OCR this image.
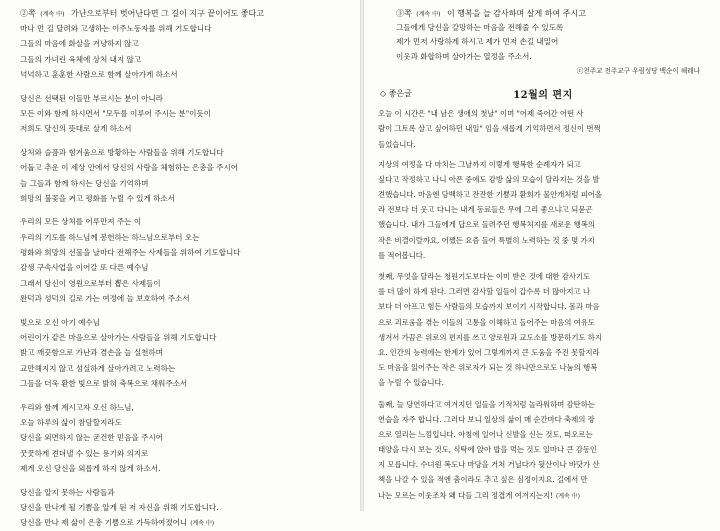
②쪽 (계속 中) 가난으로부터 벗어난다면 그 길이 지구 끝이어도 좋다고
마나 먼 길 달려와 고생하는 이주노동자를 위해 기도합니다
그들의 마음에 화살을 겨냥하지 않고
그들의 가녀린 육체에 상처 내지 않고
넉넉하고 훈훈한 사람으로 함께 살아가게 하소서
당신은 선택된 이들만 부르시는 분이 아니라
모든 이와 함께 하시면서 "모두를 이루어 주시는 분"이듯이
저희도 당신의 뜻대로 살게 하소서
상처와 슬픔과 힘겨움으로 방황하는 사람들을 위해 기도합니다
어둡고 추운 이 세상 안에서 당신의 사랑을 체험하는 은총을 주시어
늘 그들과 함께 하시는 당신을 기억하며
희망의 불꽃을 켜고 평화를 누릴 수 있게 하소서
우리의 모든 상처를 어루만져 주는 이
우리의 기도를 하느님께 봉헌하는 하느님으로부터 오는
평화와 희망의 선물을 날마다 전해주는 사제들을 위하여 기도합니다
감생 구속사업을 이어갈 또 다른 예수님
그래서 당신이 영원으로부터 뽑은 사제들이
완덕과 성덕의 길로 가는 여정에 늘 보호하여 주소서
빛으로 오신 아기 예수님
어린이가 같은 마음으로 살아가는 사람들을 위해 기도합니다
밝고 깨끗함으로 가난과 겸손을 늘 실천하며
교만해지지 않고 섬실하게 살아가려고 노력하는
그들을 더욱 환한 빛으로 밝혀 축복으로 채워주소서
우리와 함께 계시고자 오신 하느님,
오늘 하루의 삶이 참담할지라도
당신을 외면하지 않는 굳건한 믿음을 주시어
꿋꿋하게 견뎌낼 수 있는 용기와 의지로
제게 오신 당신을 외롭게 하지 않게 하소서.
당신을 알지 못하는 사람들과
당신을 만나게 될 기쁨을 알게 된 저 자신을 위해 기도합니다.
당신을 만나 제 삶이 은총 기쁨으로 가득하여졌어니 (계속 中)
③쪽 (계속 中) 이 행복을 늘 감사하며 살게 하여 주시고
그들에게 당신을 갈망하는 마음을 전해줄 수 있도록
제가 먼저 사랑하게 하시고 제가 먼저 손길 내밀어
이웃과 화합하며 살아가는 열정을 주소서.
ⓒ천주교 전주교구 우림성당 백순이 헤레나
◇ 좋은글	12월의 편지
오늘 이 시간은 "내 남은 생애의 첫날" 이며 "어제 죽어간 어떤 사
람이 그토록 살고 싶어하던 내일" 임을 새롭게 기억하면서 정신이 번쩍
들었습니다.
지상의 여정을 다 마치는 그날까지 이렇게 행복한 순례자가 되고
싶다고 작정하고 나니 아픈 중에도 감방 삶의 모습이 달라지는 것을 발
견했습니다. 마음엔 담백하고 잔잔한 기쁨과 환희가 물안개처럼 피어올
라 전보다 더 웃고 다니는 내게 동료들은 무에 그리 좋으냐고 되묻곤
했습니다. 내가 그들에게 답으로 들려주던 행복처지를 새로운 행복의
작은 비결이랄까요, 어쨌든 요즘 들어 특별히 노력하는 것 중 몇 가지
를 적어봅니다.
첫째, 무엇을 달라는 청원기도보다는 이미 받은 것에 대한 감사기도
를 더 많이 하게 된다. 그러면 감사할 일들이 갑수록 더 많아지고 나
보다 더 아프고 힘든 사람들의 모습까지 보이기 시작합니다. 몸과 마음
으로 괴로움을 겪는 이들의 고통을 이해하고 들어주는 마음의 여유도
생겨서 가끔은 위로의 편지를 쓰고 양로원과 교도소를 방문하기도 하지
요. 인간의 능력에는 한계가 있어 그렇게까지 큰 도움을 주진 못할지라
도 마음을 읽어주는 작은 위로자가 되는 것 하나만으로도 나눔의 행복
을 누릴 수 있습니다.
둘째, 늘 당연하다고 여겨지던 일들을 기적처럼 놀라워하며 감탄하는
연습을 자주 합니다. 그러다 보니 일상의 삶이 매 순간마다 축제의 장
으로 열리는 느낌입니다. 아침에 일어나 신발을 신는 것도, 떠오르는
태양을 다시 보는 것도, 식탁에 앉아 밥을 먹는 것도 일마나 큰 감동인
지 모릅니다. 수녀원 복도나 마당을 거쳐 거닐다가 뒷산이나 바닷가 산
책을 나갈 수 있을 적엔 춤이라도 추고 싶은 심정이지요. 길에서 만
나는 모르는 이웃조차 왜 다들 그리 정겹게 여겨지는지! (계속 中)
